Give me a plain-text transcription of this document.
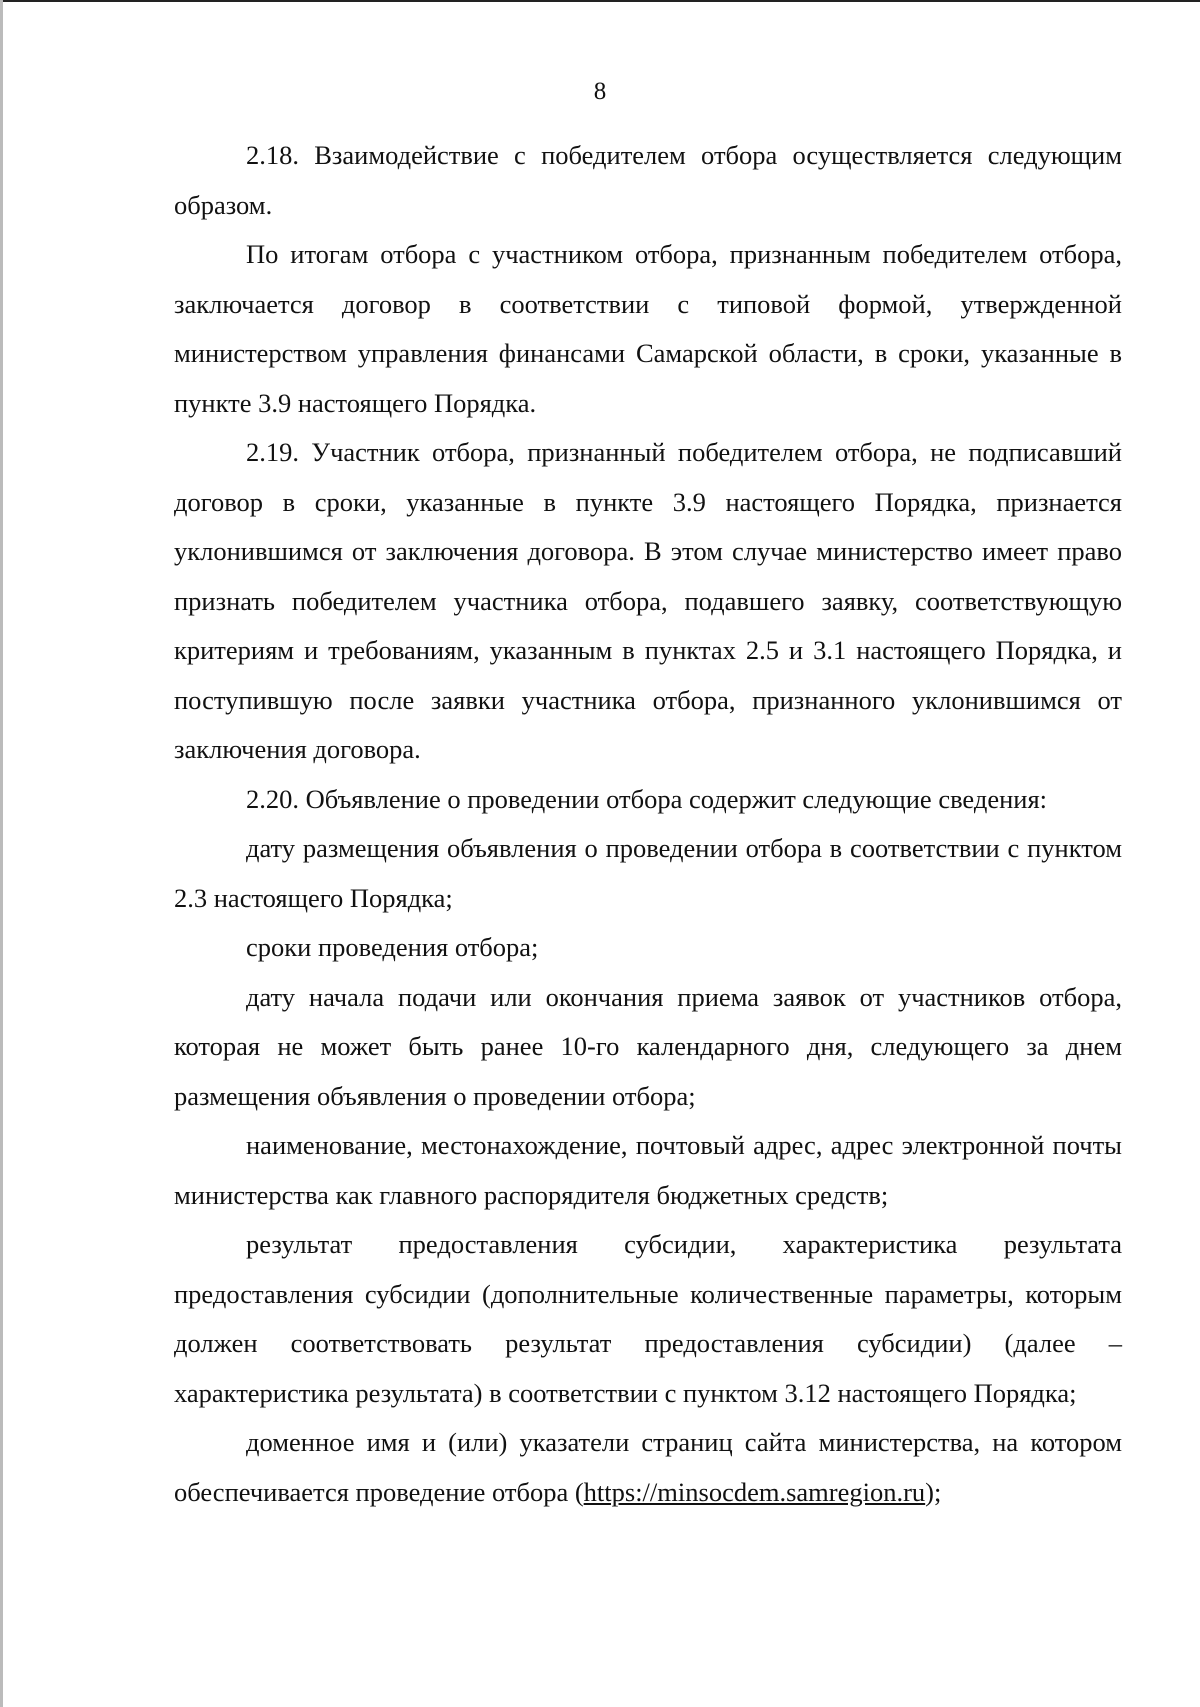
8

2.18. Взаимодействие с победителем отбора осуществляется следующим образом.

По итогам отбора с участником отбора, признанным победителем отбора, заключается договор в соответствии с типовой формой, утвержденной министерством управления финансами Самарской области, в сроки, указанные в пункте 3.9 настоящего Порядка.

2.19. Участник отбора, признанный победителем отбора, не подписавший договор в сроки, указанные в пункте 3.9 настоящего Порядка, признается уклонившимся от заключения договора. В этом случае министерство имеет право признать победителем участника отбора, подавшего заявку, соответствующую критериям и требованиям, указанным в пунктах 2.5 и 3.1 настоящего Порядка, и поступившую после заявки участника отбора, признанного уклонившимся от заключения договора.

2.20. Объявление о проведении отбора содержит следующие сведения:

дату размещения объявления о проведении отбора в соответствии с пунктом 2.3 настоящего Порядка;

сроки проведения отбора;

дату начала подачи или окончания приема заявок от участников отбора, которая не может быть ранее 10-го календарного дня, следующего за днем размещения объявления о проведении отбора;

наименование, местонахождение, почтовый адрес, адрес электронной почты министерства как главного распорядителя бюджетных средств;

результат предоставления субсидии, характеристика результата предоставления субсидии (дополнительные количественные параметры, которым должен соответствовать результат предоставления субсидии) (далее – характеристика результата) в соответствии с пунктом 3.12 настоящего Порядка;

доменное имя и (или) указатели страниц сайта министерства, на котором обеспечивается проведение отбора (https://minsocdem.samregion.ru);
